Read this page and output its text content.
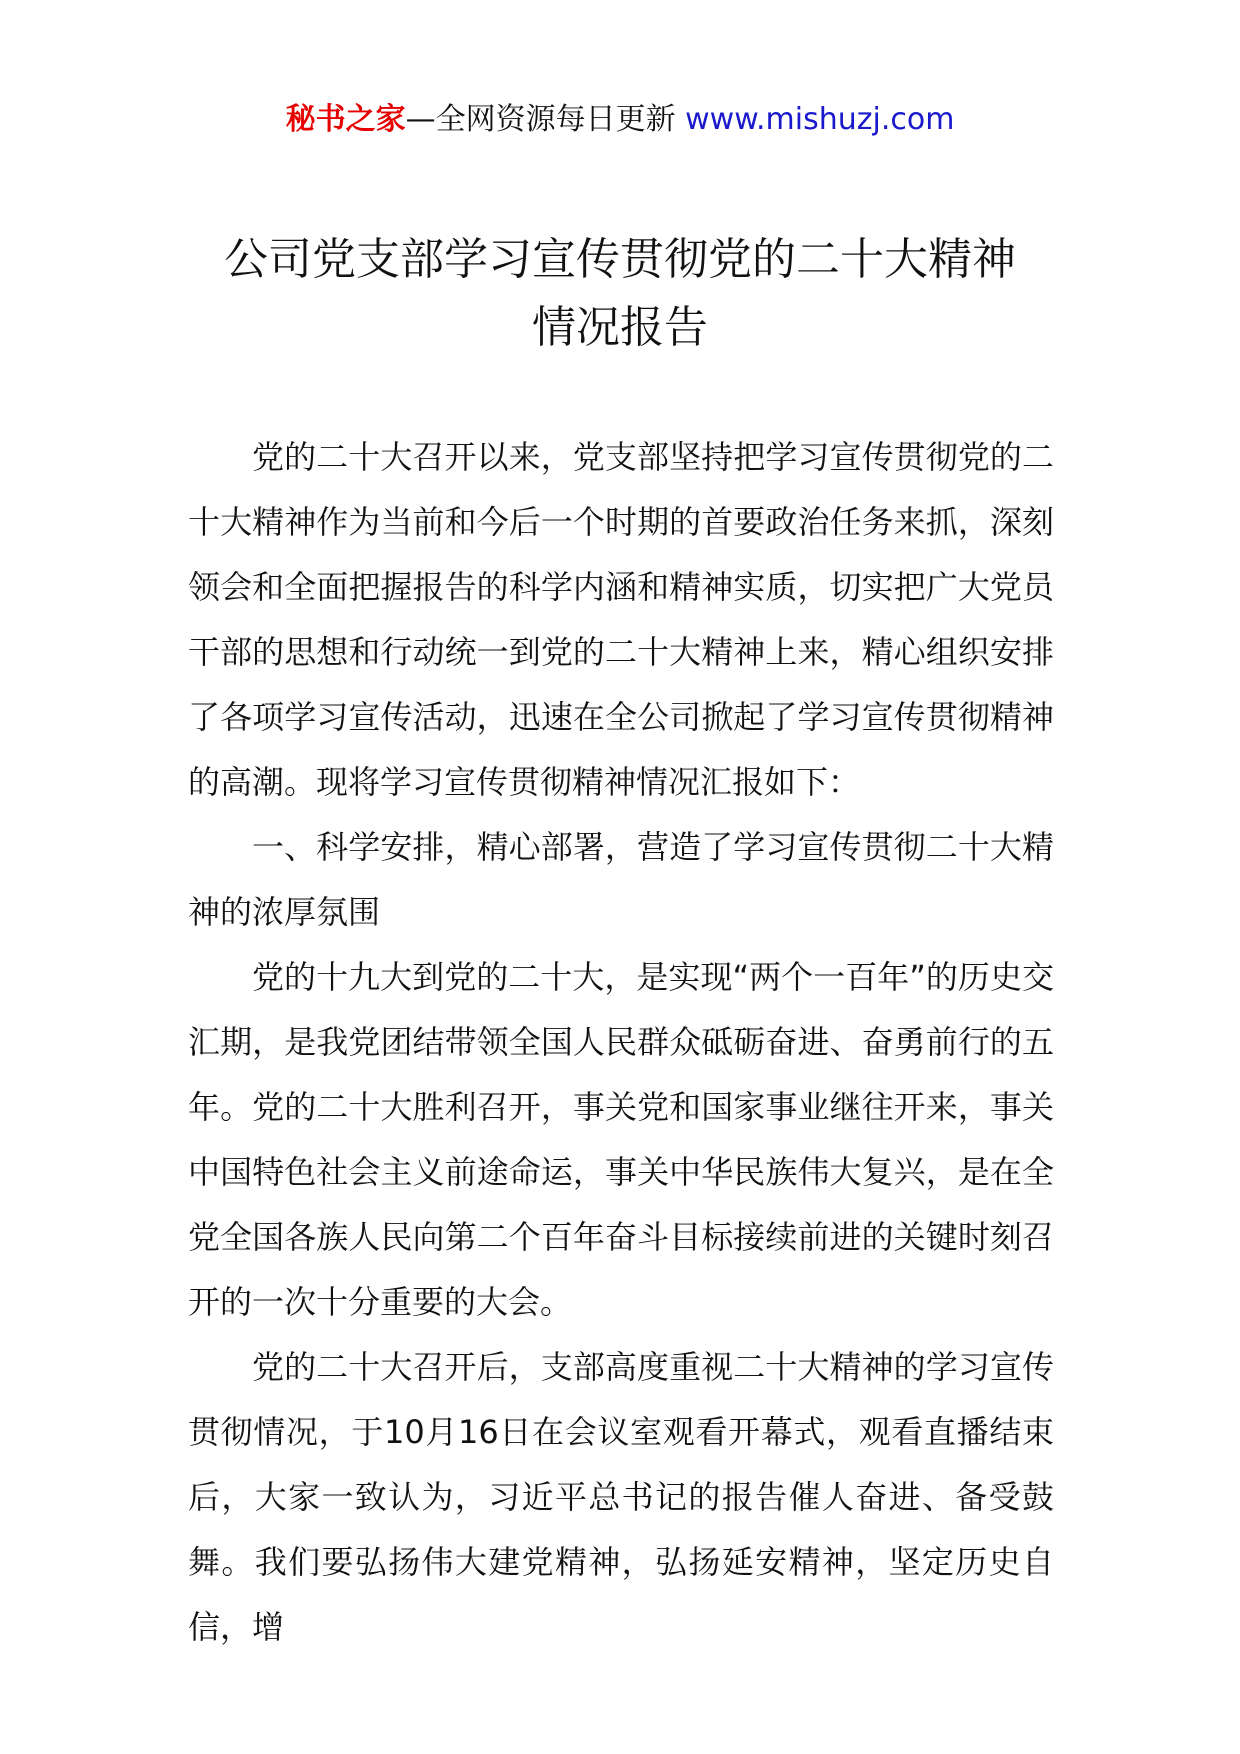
秘书之家—全网资源每日更新 www.mishuzj.com
公司党支部学习宣传贯彻党的二十大精神
情况报告

党的二十大召开以来，党支部坚持把学习宣传贯彻党的二十大精神作为当前和今后一个时期的首要政治任务来抓，深刻领会和全面把握报告的科学内涵和精神实质，切实把广大党员干部的思想和行动统一到党的二十大精神上来，精心组织安排了各项学习宣传活动，迅速在全公司掀起了学习宣传贯彻精神的高潮。现将学习宣传贯彻精神情况汇报如下：

一、科学安排，精心部署，营造了学习宣传贯彻二十大精神的浓厚氛围

党的十九大到党的二十大，是实现“两个一百年”的历史交汇期，是我党团结带领全国人民群众砥砺奋进、奋勇前行的五年。党的二十大胜利召开，事关党和国家事业继往开来，事关中国特色社会主义前途命运，事关中华民族伟大复兴，是在全党全国各族人民向第二个百年奋斗目标接续前进的关键时刻召开的一次十分重要的大会。

党的二十大召开后，支部高度重视二十大精神的学习宣传贯彻情况，于10月16日在会议室观看开幕式，观看直播结束后，大家一致认为，习近平总书记的报告催人奋进、备受鼓舞。我们要弘扬伟大建党精神，弘扬延安精神，坚定历史自信，增
